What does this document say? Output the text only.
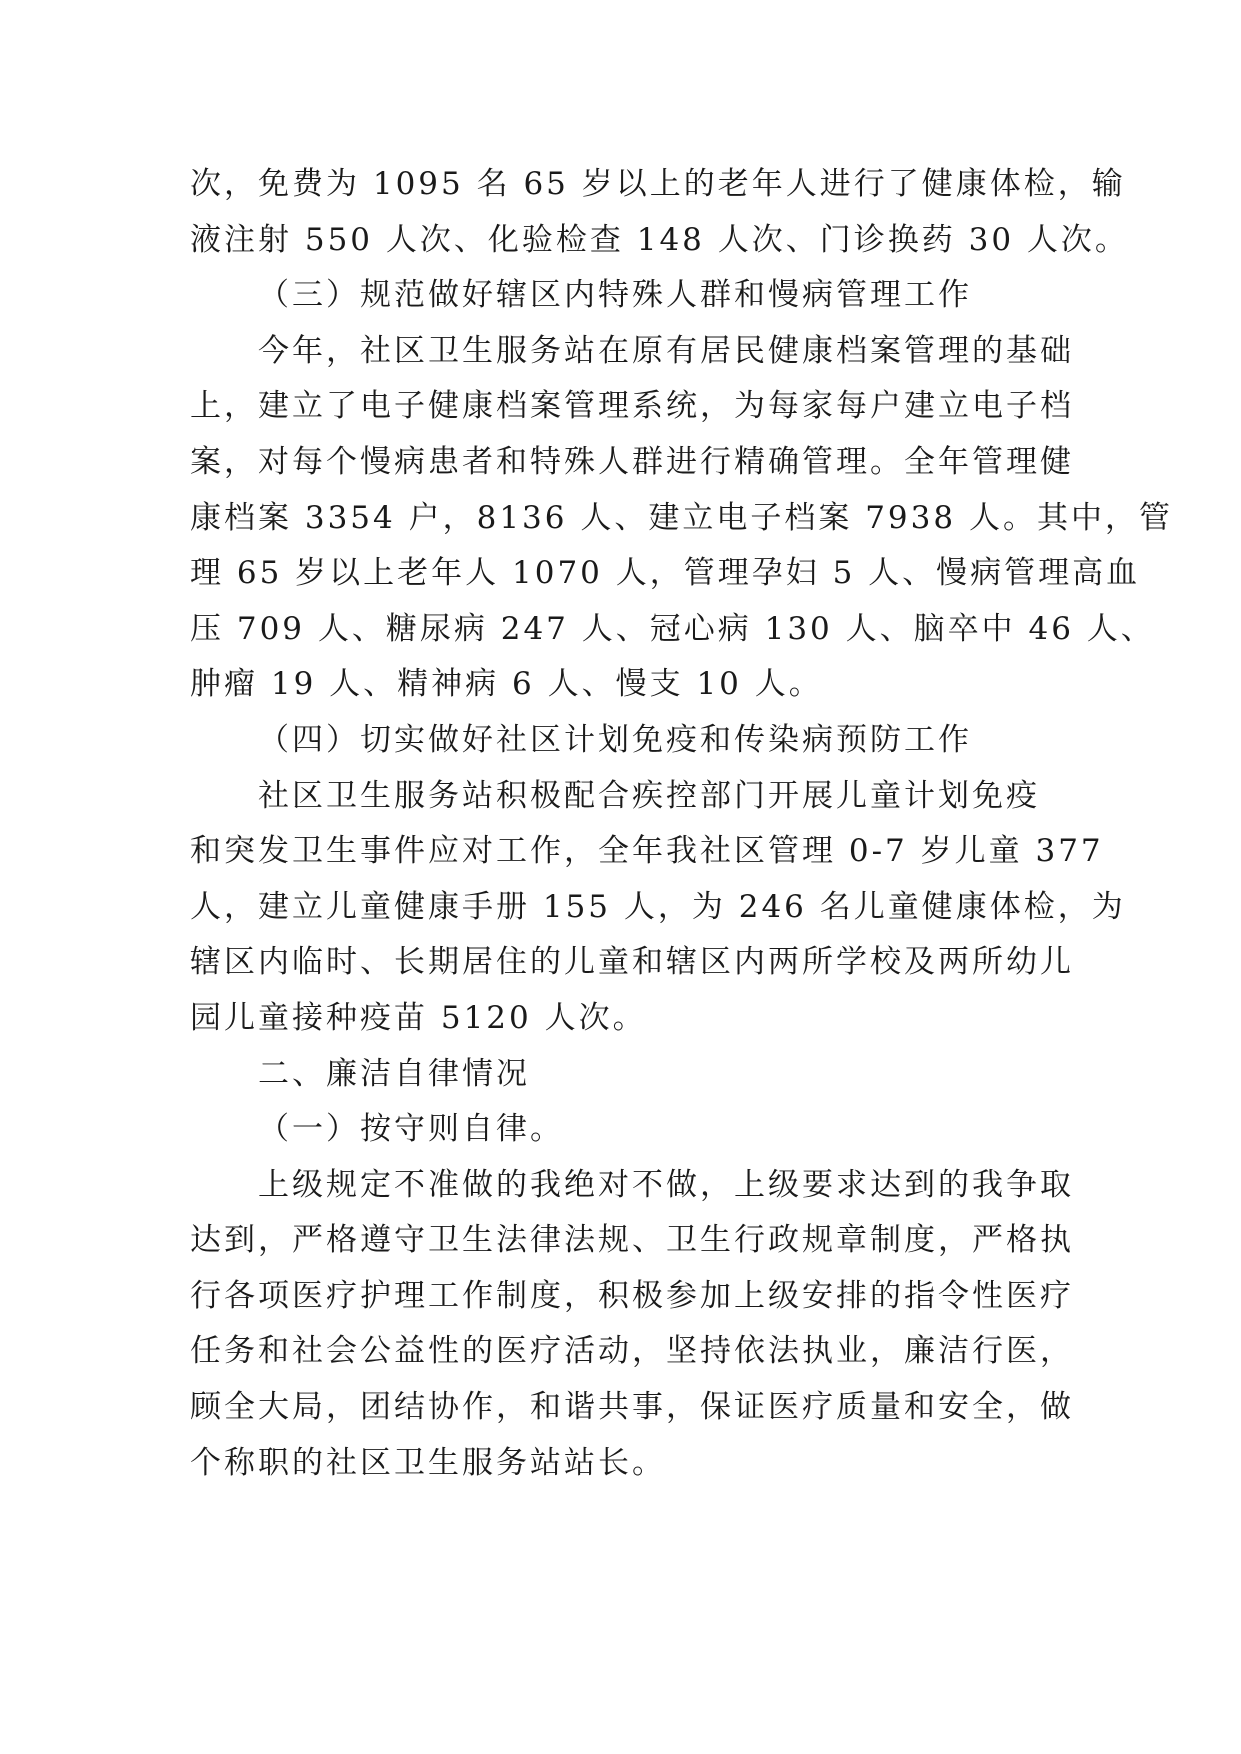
次，免费为 1095 名 65 岁以上的老年人进行了健康体检，输
液注射 550 人次、化验检查 148 人次、门诊换药 30 人次。
（三）规范做好辖区内特殊人群和慢病管理工作
今年，社区卫生服务站在原有居民健康档案管理的基础
上，建立了电子健康档案管理系统，为每家每户建立电子档
案，对每个慢病患者和特殊人群进行精确管理。全年管理健
康档案 3354 户，8136 人、建立电子档案 7938 人。其中，管
理 65 岁以上老年人 1070 人，管理孕妇 5 人、慢病管理高血
压 709 人、糖尿病 247 人、冠心病 130 人、脑卒中 46 人、
肿瘤 19 人、精神病 6 人、慢支 10 人。
（四）切实做好社区计划免疫和传染病预防工作
社区卫生服务站积极配合疾控部门开展儿童计划免疫
和突发卫生事件应对工作，全年我社区管理 0-7 岁儿童 377
人，建立儿童健康手册 155 人，为 246 名儿童健康体检，为
辖区内临时、长期居住的儿童和辖区内两所学校及两所幼儿
园儿童接种疫苗 5120 人次。
二、廉洁自律情况
（一）按守则自律。
上级规定不准做的我绝对不做，上级要求达到的我争取
达到，严格遵守卫生法律法规、卫生行政规章制度，严格执
行各项医疗护理工作制度，积极参加上级安排的指令性医疗
任务和社会公益性的医疗活动，坚持依法执业，廉洁行医，
顾全大局，团结协作，和谐共事，保证医疗质量和安全，做
个称职的社区卫生服务站站长。
